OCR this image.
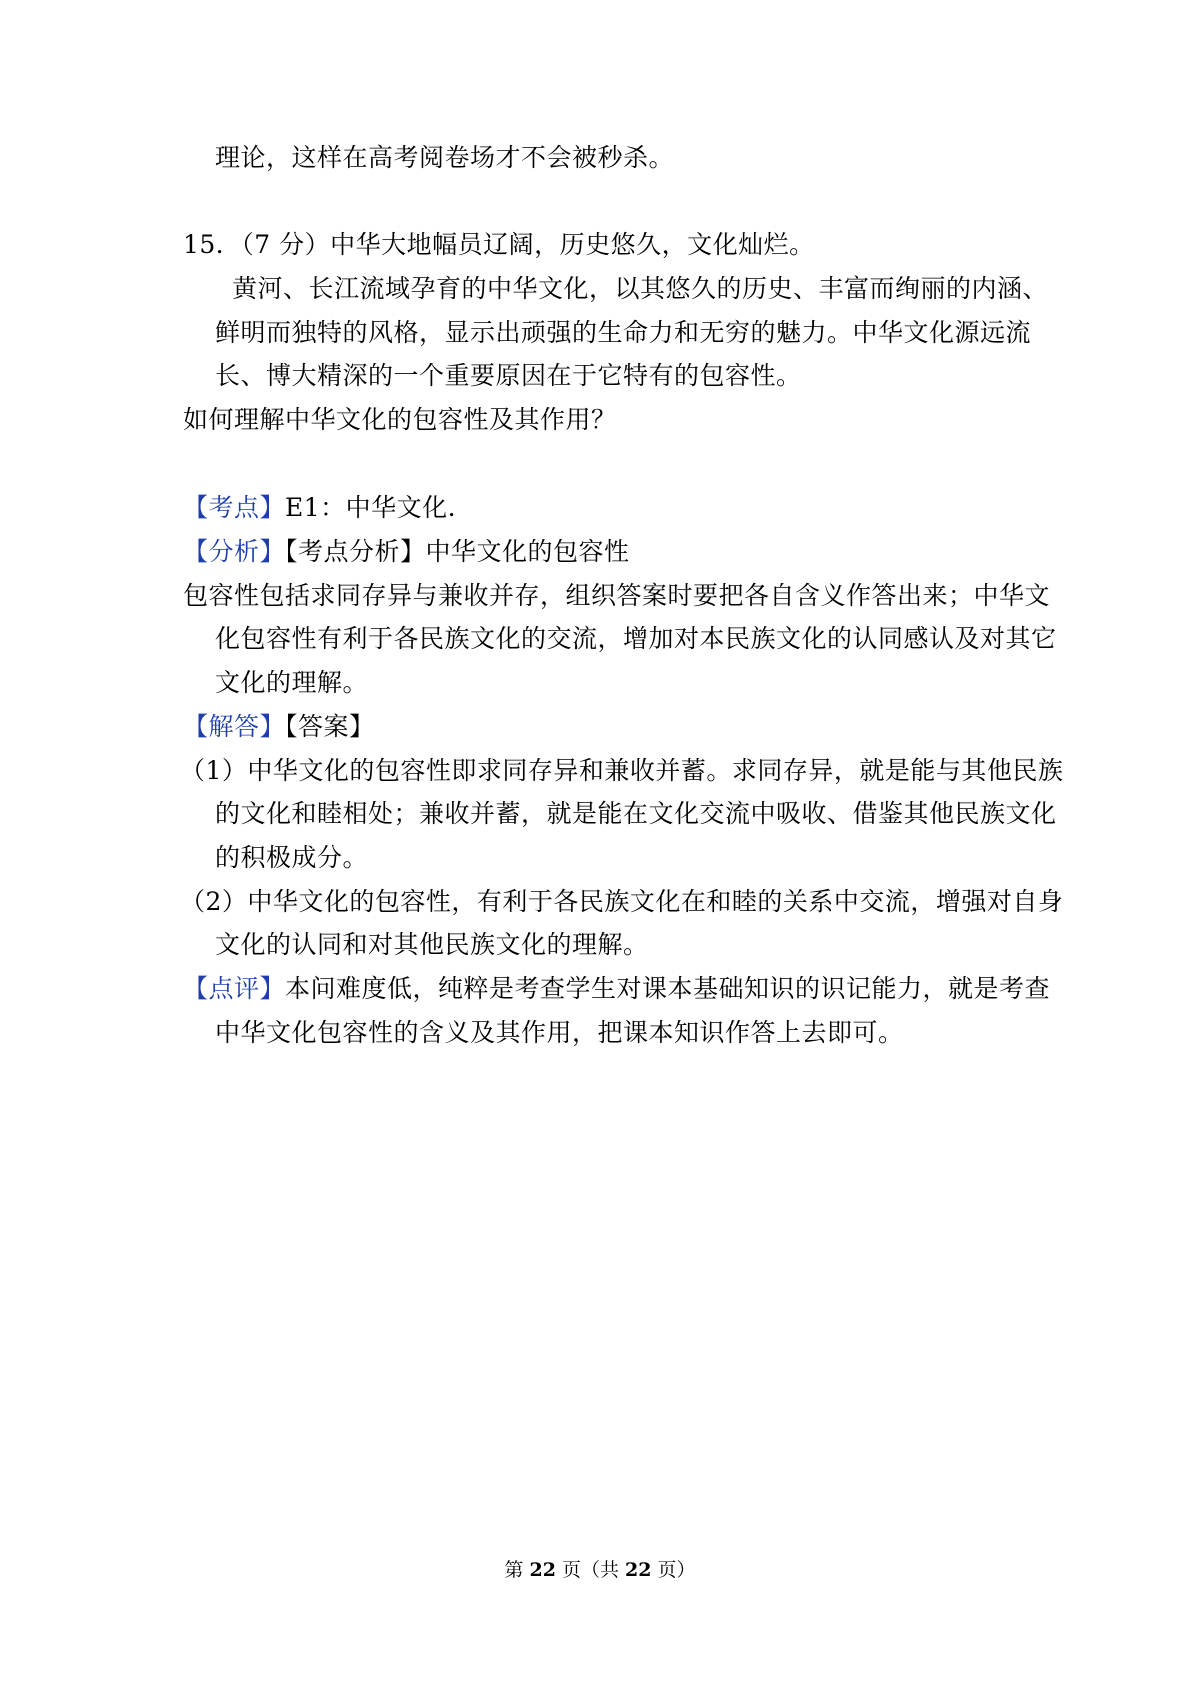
理论，这样在高考阅卷场才不会被秒杀。
15．（7 分）中华大地幅员辽阔，历史悠久，文化灿烂。
黄河、长江流域孕育的中华文化，以其悠久的历史、丰富而绚丽的内涵、
鲜明而独特的风格，显示出顽强的生命力和无穷的魅力。中华文化源远流
长、博大精深的一个重要原因在于它特有的包容性。
如何理解中华文化的包容性及其作用？
【考点】E1：中华文化.
【分析】【考点分析】中华文化的包容性
包容性包括求同存异与兼收并存，组织答案时要把各自含义作答出来；中华文
化包容性有利于各民族文化的交流，增加对本民族文化的认同感认及对其它
文化的理解。
【解答】【答案】
（1）中华文化的包容性即求同存异和兼收并蓄。求同存异，就是能与其他民族
的文化和睦相处；兼收并蓄，就是能在文化交流中吸收、借鉴其他民族文化
的积极成分。
（2）中华文化的包容性，有利于各民族文化在和睦的关系中交流，增强对自身
文化的认同和对其他民族文化的理解。
【点评】本问难度低，纯粹是考查学生对课本基础知识的识记能力，就是考查
中华文化包容性的含义及其作用，把课本知识作答上去即可。
第 22 页（共 22 页）
